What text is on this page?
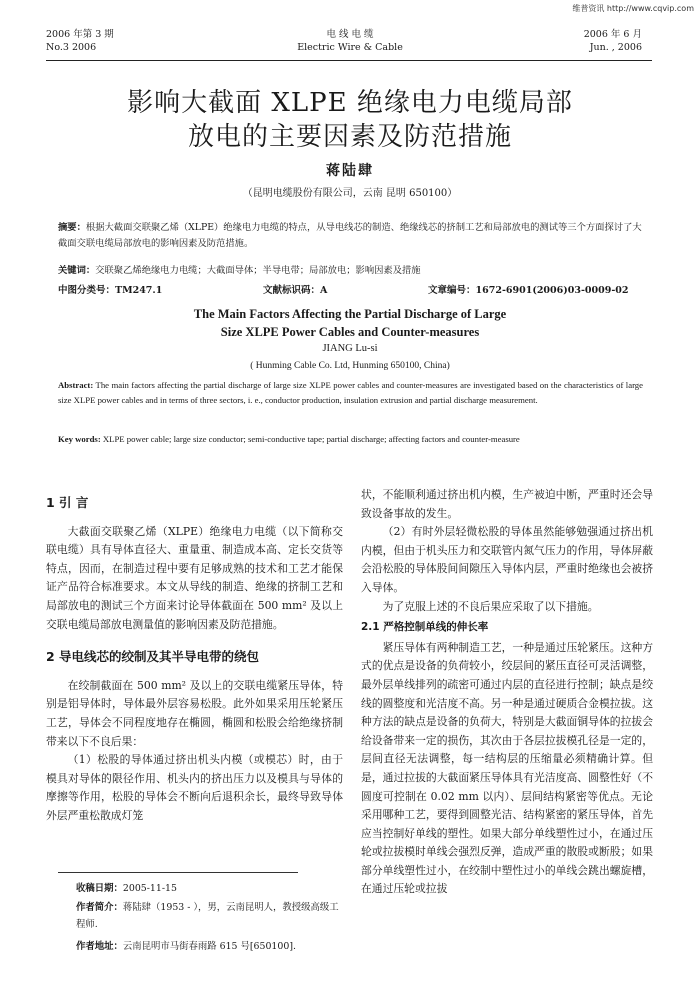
维普资讯 http://www.cqvip.com
2006 年第 3 期
No.3 2006
电 线 电 缆
Electric Wire & Cable
2006 年 6 月
Jun. , 2006
影响大截面 XLPE 绝缘电力电缆局部
放电的主要因素及防范措施
蒋陆肆
（昆明电缆股份有限公司，云南 昆明 650100）
摘要：根据大截面交联聚乙烯（XLPE）绝缘电力电缆的特点，从导电线芯的制造、绝缘线芯的挤制工艺和局部放电的测试等三个方面探讨了大截面交联电缆局部放电的影响因素及防范措施。
关键词：交联聚乙烯绝缘电力电缆；大截面导体；半导电带；局部放电；影响因素及措施
中图分类号：TM247.1	文献标识码：A	文章编号：1672-6901(2006)03-0009-02
The Main Factors Affecting the Partial Discharge of Large
Size XLPE Power Cables and Counter-measures
JIANG Lu-si
( Hunming Cable Co. Ltd, Hunming 650100, China)
Abstract: The main factors affecting the partial discharge of large size XLPE power cables and counter-measures are investigated based on the characteristics of large size XLPE power cables and in terms of three sectors, i. e., conductor production, insulation extrusion and partial discharge measurement.
Key words: XLPE power cable; large size conductor; semi-conductive tape; partial discharge; affecting factors and counter-measure
1 引 言

大截面交联聚乙烯（XLPE）绝缘电力电缆（以下简称交联电缆）具有导体直径大、重量重、制造成本高、定长交货等特点，因而，在制造过程中要有足够成熟的技术和工艺才能保证产品符合标准要求。本文从导线的制造、绝缘的挤制工艺和局部放电的测试三个方面来讨论导体截面在 500 mm² 及以上交联电缆局部放电测量值的影响因素及防范措施。

2 导电线芯的绞制及其半导电带的绕包

在绞制截面在 500 mm² 及以上的交联电缆紧压导体，特别是铝导体时，导体最外层容易松股。此外如果采用压轮紧压工艺，导体会不同程度地存在椭圆，椭圆和松股会给绝缘挤制带来以下不良后果：

（1）松股的导体通过挤出机头内模（或模芯）时，由于模具对导体的限径作用、机头内的挤出压力以及模具与导体的摩擦等作用，松股的导体会不断向后退积余长，最终导致导体外层严重松散成灯笼

状，不能顺利通过挤出机内模，生产被迫中断，严重时还会导致设备事故的发生。

（2）有时外层轻微松股的导体虽然能够勉强通过挤出机内模，但由于机头压力和交联管内氮气压力的作用，导体屏蔽会沿松股的导体股间间隙压入导体内层，严重时绝缘也会被挤入导体。

为了克服上述的不良后果应采取了以下措施。

2.1 严格控制单线的伸长率

紧压导体有两种制造工艺，一种是通过压轮紧压。这种方式的优点是设备的负荷较小，绞层间的紧压直径可灵活调整，最外层单线排列的疏密可通过内层的直径进行控制；缺点是绞线的圆整度和光洁度不高。另一种是通过硬质合金模拉拔。这种方法的缺点是设备的负荷大，特别是大截面铜导体的拉拔会给设备带来一定的损伤，其次由于各层拉拔模孔径是一定的，层间直径无法调整，每一结构层的压缩量必须精确计算。但是，通过拉拔的大截面紧压导体具有光洁度高、圆整性好（不圆度可控制在 0.02 mm 以内）、层间结构紧密等优点。无论采用哪种工艺，要得到圆整光洁、结构紧密的紧压导体，首先应当控制好单线的塑性。如果大部分单线塑性过小，在通过压轮或拉拔模时单线会强烈反弹，造成严重的散股或断股；如果部分单线塑性过小，在绞制中塑性过小的单线会跳出螺旋槽，在通过压轮或拉拔

收稿日期：2005-11-15
作者简介：蒋陆肆（1953 - ），男，云南昆明人，教授级高级工程师.
作者地址：云南昆明市马街春雨路 615 号[650100].
